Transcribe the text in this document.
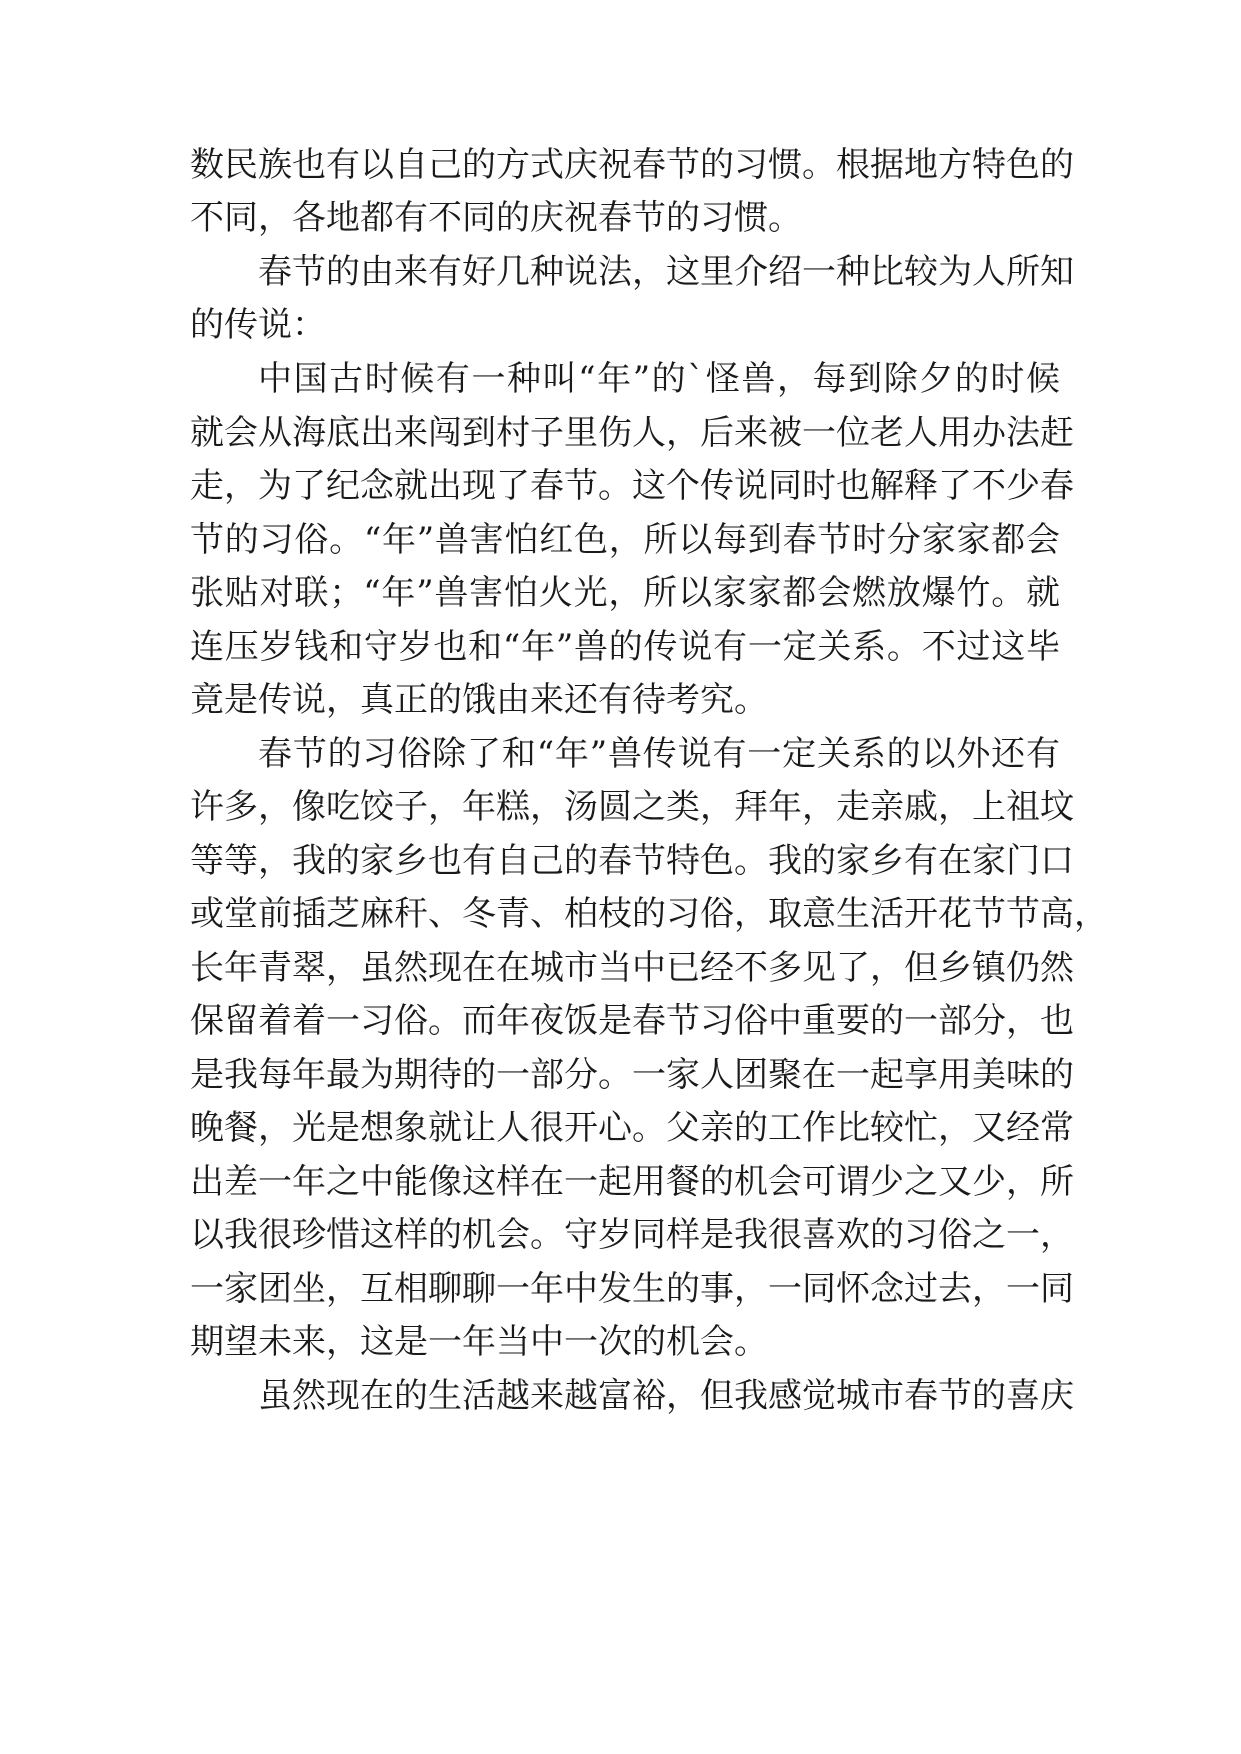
数民族也有以自己的方式庆祝春节的习惯。根据地方特色的
不同，各地都有不同的庆祝春节的习惯。
春节的由来有好几种说法，这里介绍一种比较为人所知
的传说：
中国古时候有一种叫“年”的`怪兽，每到除夕的时候
就会从海底出来闯到村子里伤人，后来被一位老人用办法赶
走，为了纪念就出现了春节。这个传说同时也解释了不少春
节的习俗。“年”兽害怕红色，所以每到春节时分家家都会
张贴对联；“年”兽害怕火光，所以家家都会燃放爆竹。就
连压岁钱和守岁也和“年”兽的传说有一定关系。不过这毕
竟是传说，真正的饿由来还有待考究。
春节的习俗除了和“年”兽传说有一定关系的以外还有
许多，像吃饺子，年糕，汤圆之类，拜年，走亲戚，上祖坟
等等，我的家乡也有自己的春节特色。我的家乡有在家门口
或堂前插芝麻秆、冬青、柏枝的习俗，取意生活开花节节高，
长年青翠，虽然现在在城市当中已经不多见了，但乡镇仍然
保留着着一习俗。而年夜饭是春节习俗中重要的一部分，也
是我每年最为期待的一部分。一家人团聚在一起享用美味的
晚餐，光是想象就让人很开心。父亲的工作比较忙，又经常
出差一年之中能像这样在一起用餐的机会可谓少之又少，所
以我很珍惜这样的机会。守岁同样是我很喜欢的习俗之一，
一家团坐，互相聊聊一年中发生的事，一同怀念过去，一同
期望未来，这是一年当中一次的机会。
虽然现在的生活越来越富裕，但我感觉城市春节的喜庆
